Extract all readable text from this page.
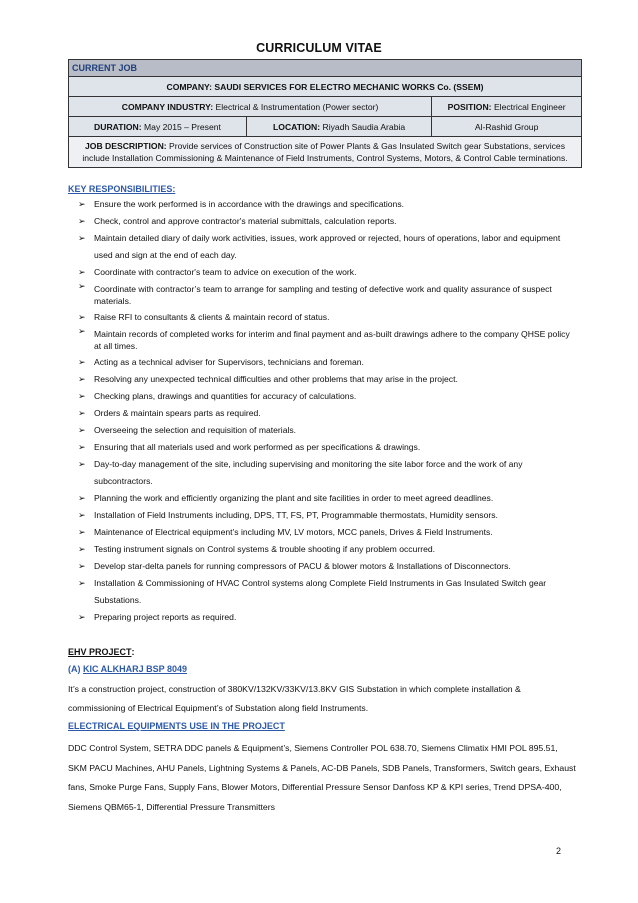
CURRICULUM VITAE
CURRENT JOB		
COMPANY: SAUDI SERVICES FOR ELECTRO MECHANIC WORKS Co. (SSEM)		
COMPANY INDUSTRY: Electrical & Instrumentation (Power sector)		POSITION: Electrical Engineer
DURATION: May 2015 – Present	LOCATION: Riyadh Saudia Arabia	Al-Rashid Group
JOB DESCRIPTION: Provide services of Construction site of Power Plants & Gas Insulated Switch gear Substations, services include Installation Commissioning & Maintenance of Field Instruments, Control Systems, Motors, & Control Cable terminations.		
KEY RESPONSIBILITIES:
➢ Ensure the work performed is in accordance with the drawings and specifications.
➢ Check, control and approve contractor's material submittals, calculation reports.
➢ Maintain detailed diary of daily work activities, issues, work approved or rejected, hours of operations, labor and equipment used and sign at the end of each day.
➢ Coordinate with contractor's team to advice on execution of the work.
➢ Coordinate with contractor’s team to arrange for sampling and testing of defective work and quality assurance of suspect materials.
➢ Raise RFI to consultants & clients & maintain record of status.
➢ Maintain records of completed works for interim and final payment and as-built drawings adhere to the company QHSE policy at all times.
➢ Acting as a technical adviser for Supervisors, technicians and foreman.
➢ Resolving any unexpected technical difficulties and other problems that may arise in the project.
➢ Checking plans, drawings and quantities for accuracy of calculations.
➢ Orders & maintain spears parts as required.
➢ Overseeing the selection and requisition of materials.
➢ Ensuring that all materials used and work performed as per specifications & drawings.
➢ Day-to-day management of the site, including supervising and monitoring the site labor force and the work of any subcontractors.
➢ Planning the work and efficiently organizing the plant and site facilities in order to meet agreed deadlines.
➢ Installation of Field Instruments including, DPS, TT, FS, PT, Programmable thermostats, Humidity sensors.
➢ Maintenance of Electrical equipment’s including MV, LV motors, MCC panels, Drives & Field Instruments.
➢ Testing instrument signals on Control systems & trouble shooting if any problem occurred.
➢ Develop star-delta panels for running compressors of PACU & blower motors & Installations of Disconnectors.
➢ Installation & Commissioning of HVAC Control systems along Complete Field Instruments in Gas Insulated Switch gear Substations.
➢ Preparing project reports as required.
EHV PROJECT:
(A) KIC ALKHARJ BSP 8049
It’s a construction project, construction of 380KV/132KV/33KV/13.8KV GIS Substation in which complete installation & commissioning of Electrical Equipment’s of Substation along field Instruments.
ELECTRICAL EQUIPMENTS USE IN THE PROJECT
DDC Control System, SETRA DDC panels & Equipment’s, Siemens Controller POL 638.70, Siemens Climatix HMI POL 895.51, SKM PACU Machines, AHU Panels, Lightning Systems & Panels, AC-DB Panels, SDB Panels, Transformers, Switch gears, Exhaust fans, Smoke Purge Fans, Supply Fans, Blower Motors, Differential Pressure Sensor Danfoss KP & KPI series, Trend DPSA-400, Siemens QBM65-1, Differential Pressure Transmitters
2
